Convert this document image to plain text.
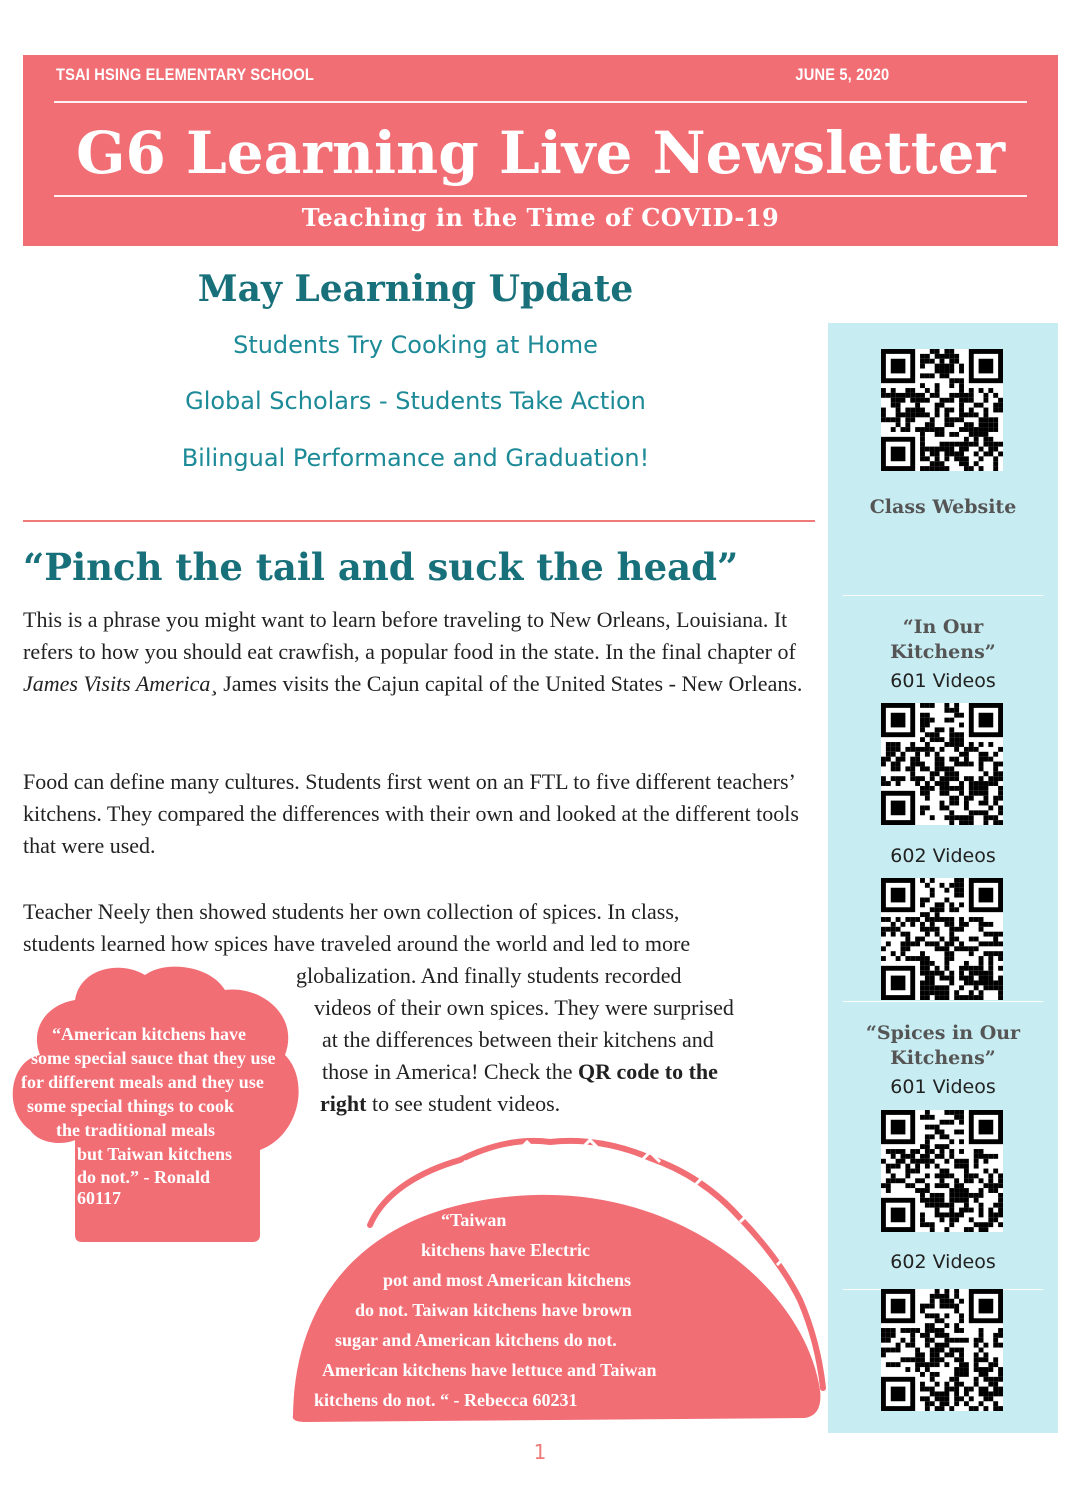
TSAI HSING ELEMENTARY SCHOOL	JUNE 5, 2020
G6 Learning Live Newsletter
Teaching in the Time of COVID-19
May Learning Update
Students Try Cooking at Home
Global Scholars - Students Take Action
Bilingual Performance and Graduation!
“Pinch the tail and suck the head”
This is a phrase you might want to learn before traveling to New Orleans, Louisiana. It refers to how you should eat crawfish, a popular food in the state. In the final chapter of James Visits America¸ James visits the Cajun capital of the United States - New Orleans.
Food can define many cultures. Students first went on an FTL to five different teachers’ kitchens. They compared the differences with their own and looked at the different tools that were used.
Teacher Neely then showed students her own collection of spices. In class,
students learned how spices have traveled around the world and led to more
globalization. And finally students recorded
videos of their own spices. They were surprised
at the differences between their kitchens and
those in America! Check the QR code to the
right to see student videos.
“American kitchens have
some special sauce that they use
for different meals and they use
some special things to cook
the traditional meals
but Taiwan kitchens
do not.” - Ronald
60117
“Taiwan
kitchens have Electric
pot and most American kitchens
do not. Taiwan kitchens have brown
sugar and American kitchens do not.
American kitchens have lettuce and Taiwan
kitchens do not. “ - Rebecca 60231
Class Website
“In Our Kitchens”
601 Videos
602 Videos
“Spices in Our Kitchens”
601 Videos
602 Videos
1
